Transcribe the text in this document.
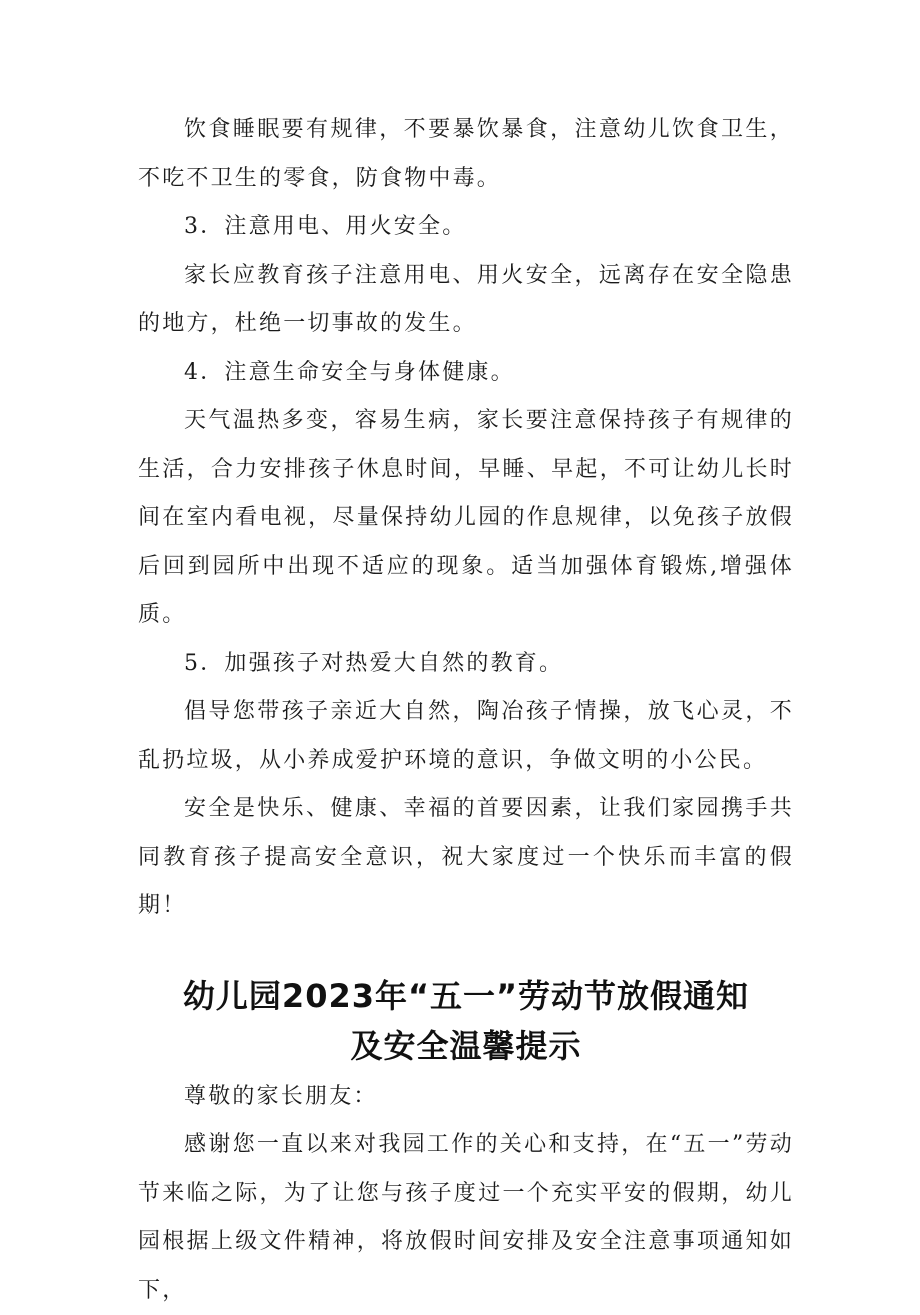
饮食睡眠要有规律，不要暴饮暴食，注意幼儿饮食卫生，不吃不卫生的零食，防食物中毒。

3．注意用电、用火安全。

家长应教育孩子注意用电、用火安全，远离存在安全隐患的地方，杜绝一切事故的发生。

4．注意生命安全与身体健康。

天气温热多变，容易生病，家长要注意保持孩子有规律的生活，合力安排孩子休息时间，早睡、早起，不可让幼儿长时间在室内看电视，尽量保持幼儿园的作息规律，以免孩子放假后回到园所中出现不适应的现象。适当加强体育锻炼,增强体质。

5．加强孩子对热爱大自然的教育。

倡导您带孩子亲近大自然，陶冶孩子情操，放飞心灵，不乱扔垃圾，从小养成爱护环境的意识，争做文明的小公民。

安全是快乐、健康、幸福的首要因素，让我们家园携手共同教育孩子提高安全意识，祝大家度过一个快乐而丰富的假期！

幼儿园2023年“五一”劳动节放假通知
及安全温馨提示

尊敬的家长朋友：

感谢您一直以来对我园工作的关心和支持，在“五一”劳动节来临之际，为了让您与孩子度过一个充实平安的假期，幼儿园根据上级文件精神，将放假时间安排及安全注意事项通知如下，
